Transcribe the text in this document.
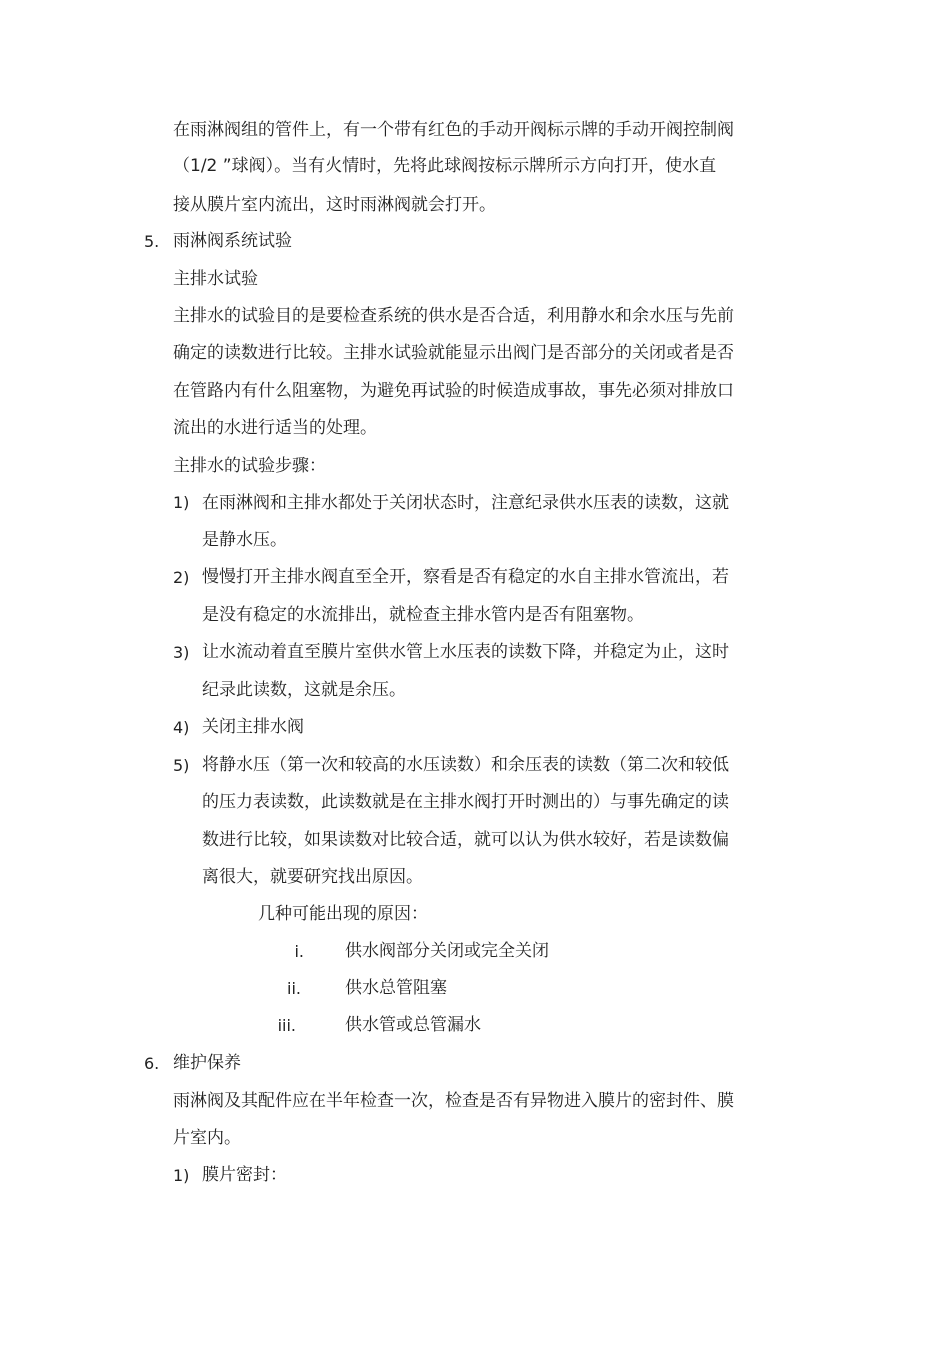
在雨淋阀组的管件上，有一个带有红色的手动开阀标示牌的手动开阀控制阀
（1/2 ”球阀）。当有火情时，先将此球阀按标示牌所示方向打开，使水直
接从膜片室内流出，这时雨淋阀就会打开。
5. 雨淋阀系统试验
主排水试验
主排水的试验目的是要检查系统的供水是否合适，利用静水和余水压与先前
确定的读数进行比较。主排水试验就能显示出阀门是否部分的关闭或者是否
在管路内有什么阻塞物，为避免再试验的时候造成事故，事先必须对排放口
流出的水进行适当的处理。
主排水的试验步骤：
1) 在雨淋阀和主排水都处于关闭状态时，注意纪录供水压表的读数，这就
是静水压。
2) 慢慢打开主排水阀直至全开，察看是否有稳定的水自主排水管流出，若
是没有稳定的水流排出，就检查主排水管内是否有阻塞物。
3) 让水流动着直至膜片室供水管上水压表的读数下降，并稳定为止，这时
纪录此读数，这就是余压。
4) 关闭主排水阀
5) 将静水压（第一次和较高的水压读数）和余压表的读数（第二次和较低
的压力表读数，此读数就是在主排水阀打开时测出的）与事先确定的读
数进行比较，如果读数对比较合适，就可以认为供水较好，若是读数偏
离很大，就要研究找出原因。
几种可能出现的原因：
i. 供水阀部分关闭或完全关闭
ii.	供水总管阻塞
iii.	供水管或总管漏水
6. 维护保养
雨淋阀及其配件应在半年检查一次，检查是否有异物进入膜片的密封件、膜
片室内。
1) 膜片密封：
